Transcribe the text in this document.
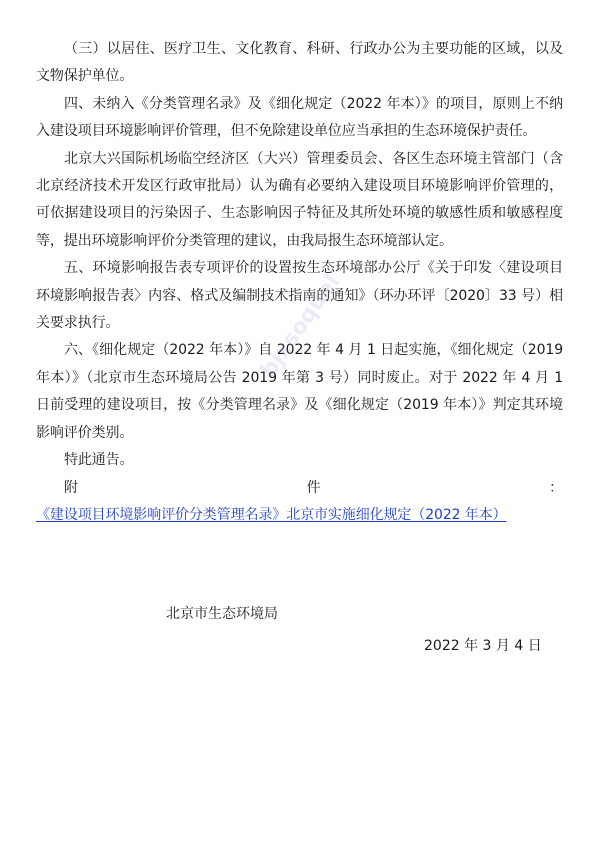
（三）以居住、医疗卫生、文化教育、科研、行政办公为主要功能的区域，以及文物保护单位。

四、未纳入《分类管理名录》及《细化规定（2022 年本）》的项目，原则上不纳入建设项目环境影响评价管理，但不免除建设单位应当承担的生态环境保护责任。

北京大兴国际机场临空经济区（大兴）管理委员会、各区生态环境主管部门（含北京经济技术开发区行政审批局）认为确有必要纳入建设项目环境影响评价管理的，可依据建设项目的污染因子、生态影响因子特征及其所处环境的敏感性质和敏感程度等，提出环境影响评价分类管理的建议，由我局报生态环境部认定。

五、环境影响报告表专项评价的设置按生态环境部办公厅《关于印发〈建设项目环境影响报告表〉内容、格式及编制技术指南的通知》（环办环评〔2020〕33 号）相关要求执行。

六、《细化规定（2022 年本）》自 2022 年 4 月 1 日起实施，《细化规定（2019 年本）》（北京市生态环境局公告 2019 年第 3 号）同时废止。对于 2022 年 4 月 1 日前受理的建设项目，按《分类管理名录》及《细化规定（2019 年本）》判定其环境影响评价类别。

特此通告。

附件：《建设项目环境影响评价分类管理名录》北京市实施细化规定（2022 年本）

北京市生态环境局
2022 年 3 月 4 日
bjxsoquel
